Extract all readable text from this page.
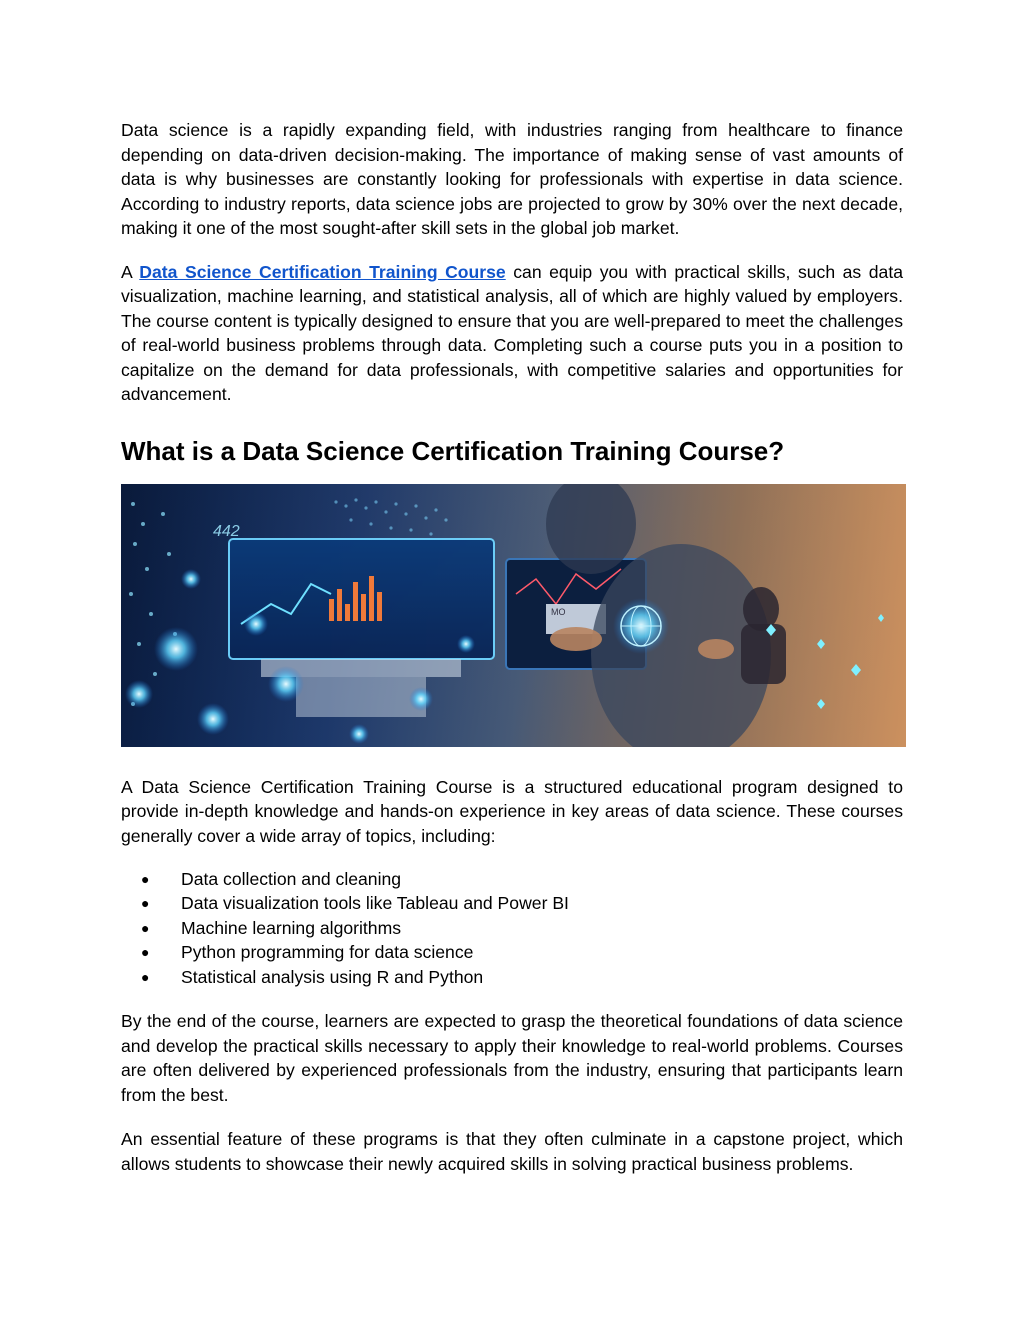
Data science is a rapidly expanding field, with industries ranging from healthcare to finance depending on data-driven decision-making. The importance of making sense of vast amounts of data is why businesses are constantly looking for professionals with expertise in data science. According to industry reports, data science jobs are projected to grow by 30% over the next decade, making it one of the most sought-after skill sets in the global job market.

A Data Science Certification Training Course can equip you with practical skills, such as data visualization, machine learning, and statistical analysis, all of which are highly valued by employers. The course content is typically designed to ensure that you are well-prepared to meet the challenges of real-world business problems through data. Completing such a course puts you in a position to capitalize on the demand for data professionals, with competitive salaries and opportunities for advancement.

What is a Data Science Certification Training Course?
MO
442

A Data Science Certification Training Course is a structured educational program designed to provide in-depth knowledge and hands-on experience in key areas of data science. These courses generally cover a wide array of topics, including:

● Data collection and cleaning
● Data visualization tools like Tableau and Power BI
● Machine learning algorithms
● Python programming for data science
● Statistical analysis using R and Python

By the end of the course, learners are expected to grasp the theoretical foundations of data science and develop the practical skills necessary to apply their knowledge to real-world problems. Courses are often delivered by experienced professionals from the industry, ensuring that participants learn from the best.

An essential feature of these programs is that they often culminate in a capstone project, which allows students to showcase their newly acquired skills in solving practical business problems.
